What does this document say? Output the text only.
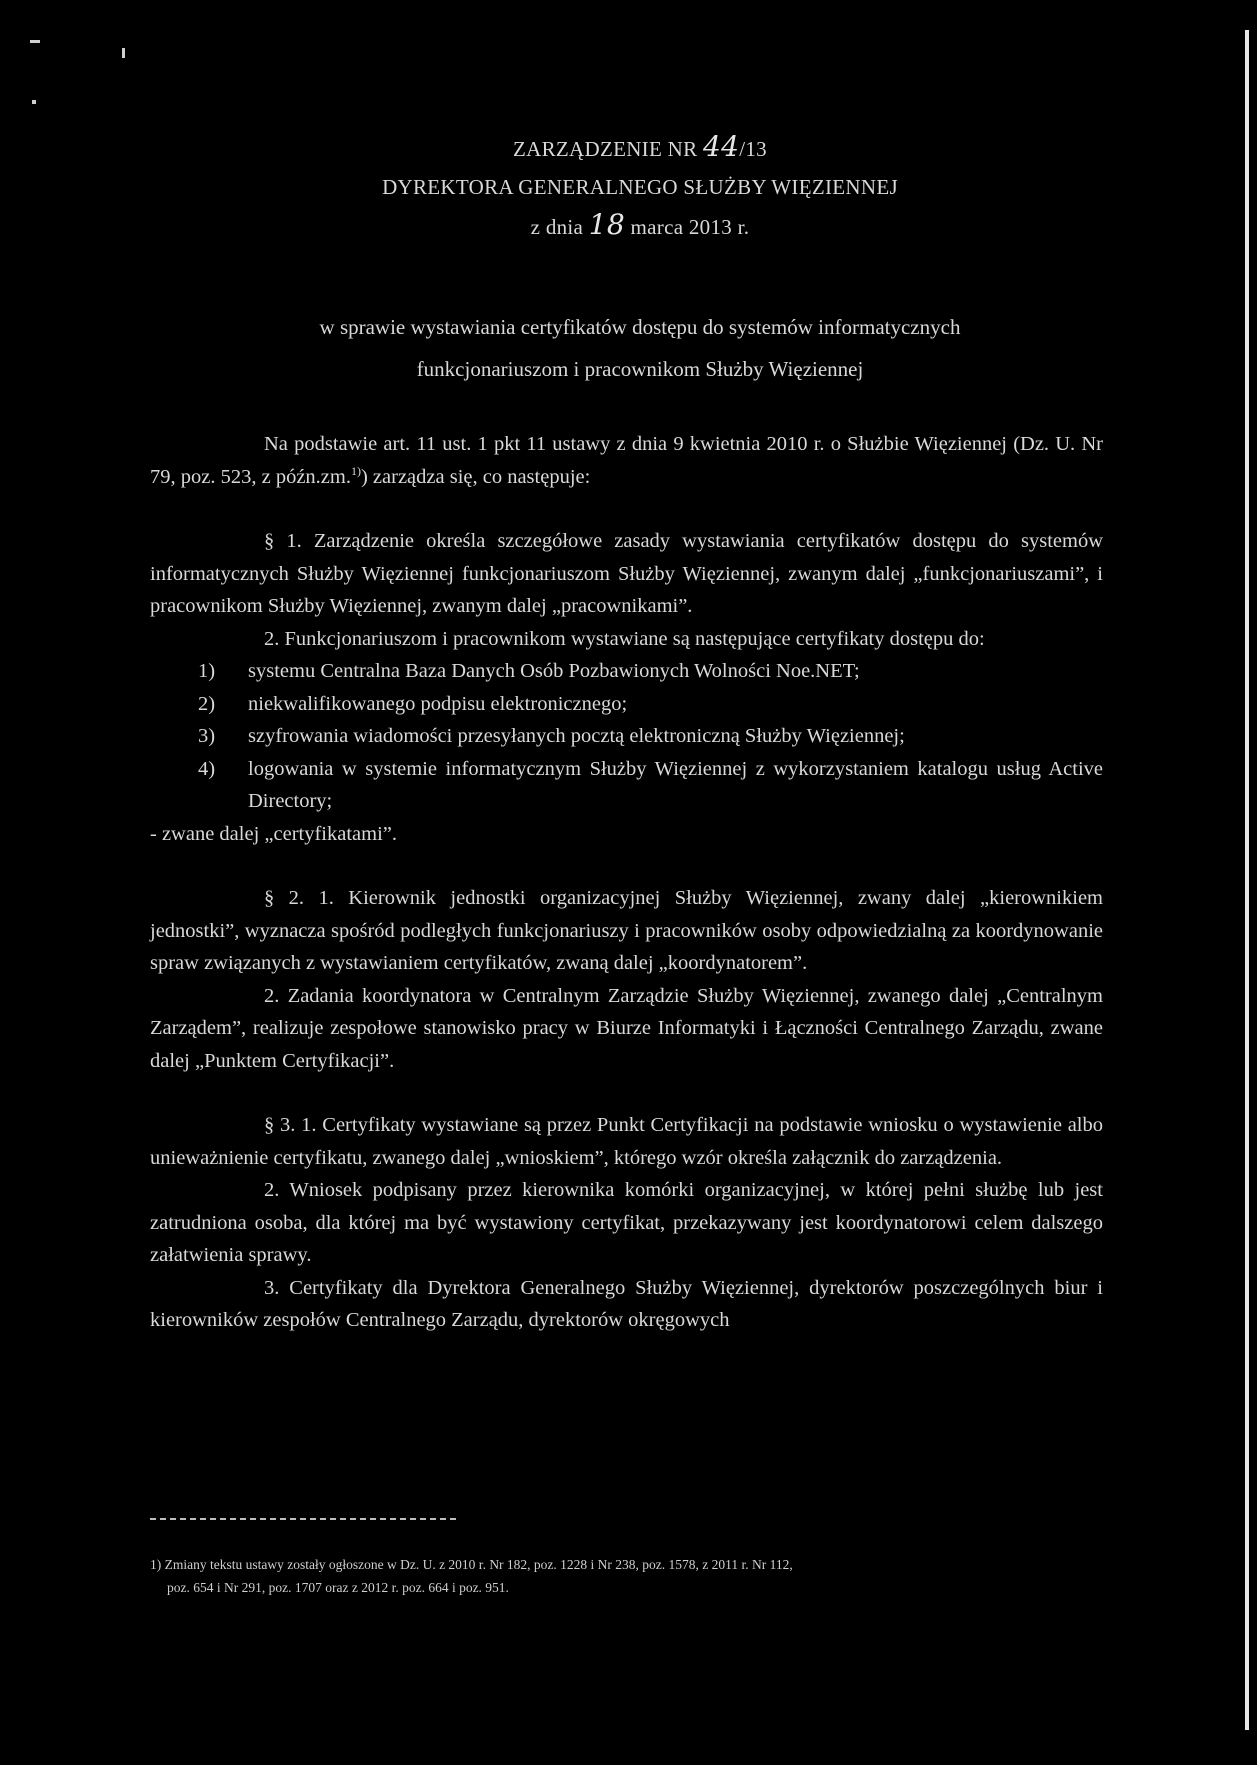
ZARZĄDZENIE NR 44/13
DYREKTORA GENERALNEGO SŁUŻBY WIĘZIENNEJ
z dnia 18 marca 2013 r.
w sprawie wystawiania certyfikatów dostępu do systemów informatycznych
funkcjonariuszom i pracownikom Służby Więziennej

Na podstawie art. 11 ust. 1 pkt 11 ustawy z dnia 9 kwietnia 2010 r. o Służbie Więziennej (Dz. U. Nr 79, poz. 523, z późn.zm.$^{1)}$) zarządza się, co następuje:

§ 1. Zarządzenie określa szczegółowe zasady wystawiania certyfikatów dostępu do systemów informatycznych Służby Więziennej funkcjonariuszom Służby Więziennej, zwanym dalej „funkcjonariuszami”, i pracownikom Służby Więziennej, zwanym dalej „pracownikami”.

2. Funkcjonariuszom i pracownikom wystawiane są następujące certyfikaty dostępu do:

1)	systemu Centralna Baza Danych Osób Pozbawionych Wolności Noe.NET;
2)	niekwalifikowanego podpisu elektronicznego;
3)	szyfrowania wiadomości przesyłanych pocztą elektroniczną Służby Więziennej;
4)	logowania w systemie informatycznym Służby Więziennej z wykorzystaniem katalogu usług Active Directory;

- zwane dalej „certyfikatami”.

§ 2. 1. Kierownik jednostki organizacyjnej Służby Więziennej, zwany dalej „kierownikiem jednostki”, wyznacza spośród podległych funkcjonariuszy i pracowników osoby odpowiedzialną za koordynowanie spraw związanych z wystawianiem certyfikatów, zwaną dalej „koordynatorem”.

2. Zadania koordynatora w Centralnym Zarządzie Służby Więziennej, zwanego dalej „Centralnym Zarządem”, realizuje zespołowe stanowisko pracy w Biurze Informatyki i Łączności Centralnego Zarządu, zwane dalej „Punktem Certyfikacji”.

§ 3. 1. Certyfikaty wystawiane są przez Punkt Certyfikacji na podstawie wniosku o wystawienie albo unieważnienie certyfikatu, zwanego dalej „wnioskiem”, którego wzór określa załącznik do zarządzenia.

2. Wniosek podpisany przez kierownika komórki organizacyjnej, w której pełni służbę lub jest zatrudniona osoba, dla której ma być wystawiony certyfikat, przekazywany jest koordynatorowi celem dalszego załatwienia sprawy.

3. Certyfikaty dla Dyrektora Generalnego Służby Więziennej, dyrektorów poszczególnych biur i kierowników zespołów Centralnego Zarządu, dyrektorów okręgowych

1) Zmiany tekstu ustawy zostały ogłoszone w Dz. U. z 2010 r. Nr 182, poz. 1228 i Nr 238, poz. 1578, z 2011 r. Nr 112,
poz. 654 i Nr 291, poz. 1707 oraz z 2012 r. poz. 664 i poz. 951.
